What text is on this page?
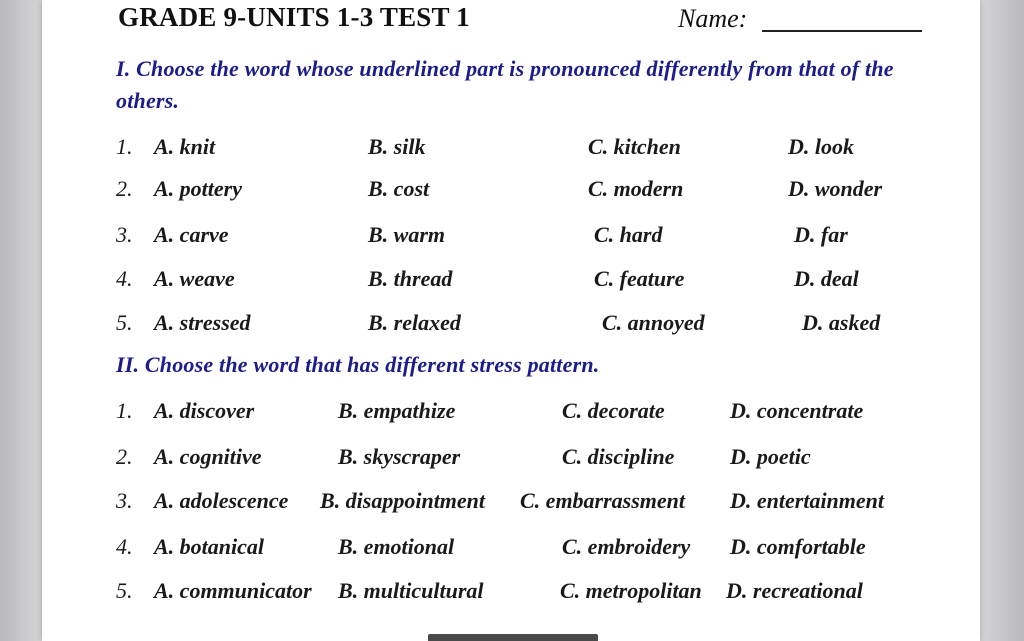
GRADE 9-UNITS 1-3 TEST 1	Name:
I. Choose the word whose underlined part is pronounced differently from that of the
others.
1. A. knit	B. silk	C. kitchen	D. look
2. A. pottery	B. cost	C. modern	D. wonder
3. A. carve	B. warm	C. hard	D. far
4. A. weave	B. thread	C. feature	D. deal
5. A. stressed	B. relaxed	C. annoyed	D. asked
II. Choose the word that has different stress pattern.
1. A. discover	B. empathize	C. decorate	D. concentrate
2. A. cognitive	B. skyscraper	C. discipline	D. poetic
3. A. adolescence B. disappointment C. embarrassment D. entertainment
4. A. botanical	B. emotional	C. embroidery D. comfortable
5. A. communicator B. multicultural	C. metropolitan D. recreational
